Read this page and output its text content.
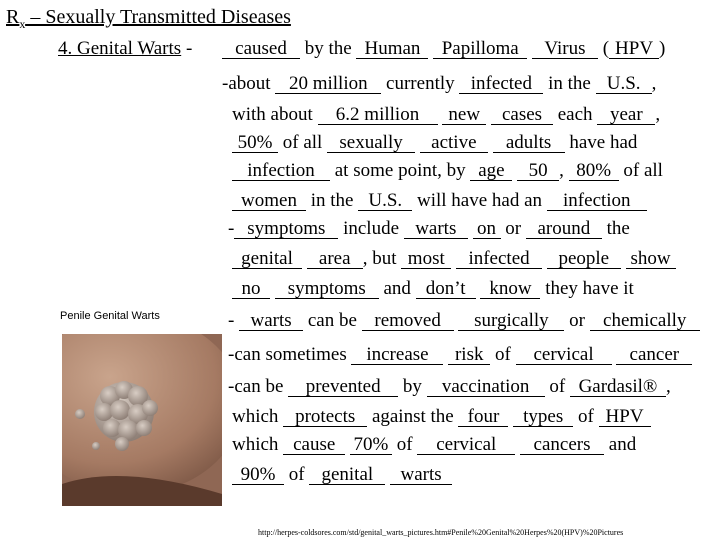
$R_x$ – Sexually Transmitted Diseases
4. Genital Warts -	caused by the Human Papilloma Virus ( HPV )
-about 20 million currently infected in the U.S. ,
with about 6.2 million new cases each year ,
50% of all sexually active adults have had
infection at some point, by age 50 , 80% of all
women in the U.S. will have had an infection
- symptoms include warts on or around the
genital area , but most infected people show
no symptoms and don’t know they have it
- warts can be removed surgically or chemically
-can sometimes increase risk of cervical cancer
-can be prevented by vaccination of Gardasil® ,
which protects against the four types of HPV
which cause 70% of cervical cancers and
90% of genital warts
Penile Genital Warts
http://herpes-coldsores.com/std/genital_warts_pictures.htm#Penile%20Genital%20Herpes%20(HPV)%20Pictures
